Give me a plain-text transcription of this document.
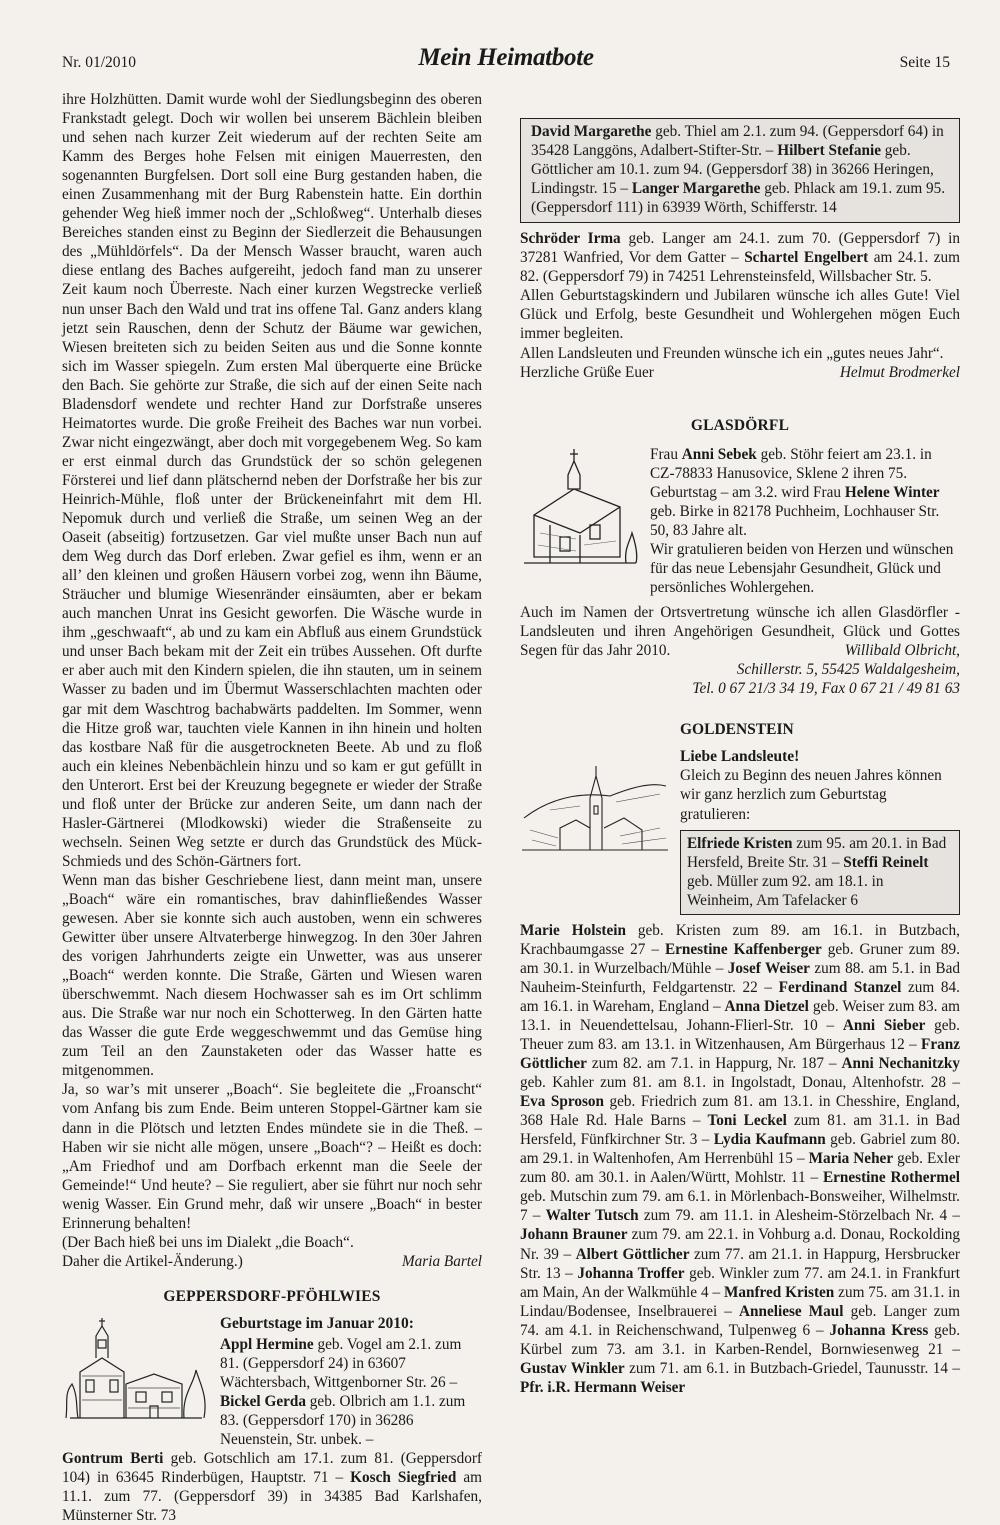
Nr. 01/2010	Mein Heimatbote	Seite 15

ihre Holzhütten. Damit wurde wohl der Siedlungsbeginn des oberen Frankstadt gelegt. Doch wir wollen bei unserem Bächlein bleiben und sehen nach kurzer Zeit wiederum auf der rechten Seite am Kamm des Berges hohe Felsen mit einigen Mauerresten, den sogenannten Burgfelsen. Dort soll eine Burg gestanden haben, die einen Zusammenhang mit der Burg Rabenstein hatte. Ein dorthin gehender Weg hieß immer noch der „Schloßweg“. Unterhalb dieses Bereiches standen einst zu Beginn der Siedlerzeit die Behausungen des „Mühldörfels“. Da der Mensch Wasser braucht, waren auch diese entlang des Baches aufgereiht, jedoch fand man zu unserer Zeit kaum noch Überreste. Nach einer kurzen Wegstrecke verließ nun unser Bach den Wald und trat ins offene Tal. Ganz anders klang jetzt sein Rauschen, denn der Schutz der Bäume war gewichen, Wiesen breiteten sich zu beiden Seiten aus und die Sonne konnte sich im Wasser spiegeln. Zum ersten Mal überquerte eine Brücke den Bach. Sie gehörte zur Straße, die sich auf der einen Seite nach Bladensdorf wendete und rechter Hand zur Dorfstraße unseres Heimatortes wurde. Die große Freiheit des Baches war nun vorbei. Zwar nicht eingezwängt, aber doch mit vorgegebenem Weg. So kam er erst einmal durch das Grundstück der so schön gelegenen Försterei und lief dann plätschernd neben der Dorfstraße her bis zur Heinrich-Mühle, floß unter der Brückeneinfahrt mit dem Hl. Nepomuk durch und verließ die Straße, um seinen Weg an der Oaseit (abseitig) fortzusetzen. Gar viel mußte unser Bach nun auf dem Weg durch das Dorf erleben. Zwar gefiel es ihm, wenn er an all’ den kleinen und großen Häusern vorbei zog, wenn ihn Bäume, Sträucher und blumige Wiesenränder einsäumten, aber er bekam auch manchen Unrat ins Gesicht geworfen. Die Wäsche wurde in ihm „geschwaaft“, ab und zu kam ein Abfluß aus einem Grundstück und unser Bach bekam mit der Zeit ein trübes Aussehen. Oft durfte er aber auch mit den Kindern spielen, die ihn stauten, um in seinem Wasser zu baden und im Übermut Wasserschlachten machten oder gar mit dem Waschtrog bachabwärts paddelten. Im Sommer, wenn die Hitze groß war, tauchten viele Kannen in ihn hinein und holten das kostbare Naß für die ausgetrockneten Beete. Ab und zu floß auch ein kleines Nebenbächlein hinzu und so kam er gut gefüllt in den Unterort. Erst bei der Kreuzung begegnete er wieder der Straße und floß unter der Brücke zur anderen Seite, um dann nach der Hasler-Gärtnerei (Mlodkowski) wieder die Straßenseite zu wechseln. Seinen Weg setzte er durch das Grundstück des Mück-Schmieds und des Schön-Gärtners fort.

Wenn man das bisher Geschriebene liest, dann meint man, unsere „Boach“ wäre ein romantisches, brav dahinfließendes Wasser gewesen. Aber sie konnte sich auch austoben, wenn ein schweres Gewitter über unsere Altvaterberge hinwegzog. In den 30er Jahren des vorigen Jahrhunderts zeigte ein Unwetter, was aus unserer „Boach“ werden konnte. Die Straße, Gärten und Wiesen waren überschwemmt. Nach diesem Hochwasser sah es im Ort schlimm aus. Die Straße war nur noch ein Schotterweg. In den Gärten hatte das Wasser die gute Erde weggeschwemmt und das Gemüse hing zum Teil an den Zaunstaketen oder das Wasser hatte es mitgenommen.

Ja, so war’s mit unserer „Boach“. Sie begleitete die „Froanscht“ vom Anfang bis zum Ende. Beim unteren Stoppel-Gärtner kam sie dann in die Plötsch und letzten Endes mündete sie in die Theß. – Haben wir sie nicht alle mögen, unsere „Boach“? – Heißt es doch: „Am Friedhof und am Dorfbach erkennt man die Seele der Gemeinde!“ Und heute? – Sie reguliert, aber sie führt nur noch sehr wenig Wasser. Ein Grund mehr, daß wir unsere „Boach“ in bester Erinnerung behalten!

(Der Bach hieß bei uns im Dialekt „die Boach“. Daher die Artikel-Änderung.)	Maria Bartel
GEPPERSDORF-PFÖHLWIES
Geburtstage im Januar 2010:

Appl Hermine geb. Vogel am 2.1. zum 81. (Geppersdorf 24) in 63607 Wächtersbach, Wittgenborner Str. 26 – Bickel Gerda geb. Olbrich am 1.1. zum 83. (Geppersdorf 170) in 36286 Neuenstein, Str. unbek. –

Gontrum Berti geb. Gotschlich am 17.1. zum 81. (Geppersdorf 104) in 63645 Rinderbügen, Hauptstr. 71 – Kosch Siegfried am 11.1. zum 77. (Geppersdorf 39) in 34385 Bad Karlshafen, Münsterner Str. 73

David Margarethe geb. Thiel am 2.1. zum 94. (Geppersdorf 64) in 35428 Langgöns, Adalbert-Stifter-Str. – Hilbert Stefanie geb. Göttlicher am 10.1. zum 94. (Geppersdorf 38) in 36266 Heringen, Lindingstr. 15 – Langer Margarethe geb. Phlack am 19.1. zum 95. (Geppersdorf 111) in 63939 Wörth, Schifferstr. 14

Schröder Irma geb. Langer am 24.1. zum 70. (Geppersdorf 7) in 37281 Wanfried, Vor dem Gatter – Schartel Engelbert am 24.1. zum 82. (Geppersdorf 79) in 74251 Lehrensteinsfeld, Willsbacher Str. 5.

Allen Geburtstagskindern und Jubilaren wünsche ich alles Gute! Viel Glück und Erfolg, beste Gesundheit und Wohlergehen mögen Euch immer begleiten.

Allen Landsleuten und Freunden wünsche ich ein „gutes neues Jahr“.

Herzliche Grüße Euer	Helmut Brodmerkel
GLASDÖRFL

Frau Anni Sebek geb. Stöhr feiert am 23.1. in CZ-78833 Hanusovice, Sklene 2 ihren 75. Geburtstag – am 3.2. wird Frau Helene Winter geb. Birke in 82178 Puchheim, Lochhauser Str. 50, 83 Jahre alt.

Wir gratulieren beiden von Herzen und wünschen für das neue Lebensjahr Gesundheit, Glück und persönliches Wohlergehen.

Auch im Namen der Ortsvertretung wünsche ich allen Glasdörfler -Landsleuten und ihren Angehörigen Gesundheit, Glück und Gottes Segen für das Jahr 2010.	Willibald Olbricht,
Schillerstr. 5, 55425 Waldalgesheim,
Tel. 0 67 21/3 34 19, Fax 0 67 21 / 49 81 63
GOLDENSTEIN
Liebe Landsleute!

Gleich zu Beginn des neuen Jahres können wir ganz herzlich zum Geburtstag gratulieren:

Elfriede Kristen zum 95. am 20.1. in Bad Hersfeld, Breite Str. 31 – Steffi Reinelt geb. Müller zum 92. am 18.1. in Weinheim, Am Tafelacker 6

Marie Holstein geb. Kristen zum 89. am 16.1. in Butzbach, Krachbaumgasse 27 – Ernestine Kaffenberger geb. Gruner zum 89. am 30.1. in Wurzelbach/Mühle – Josef Weiser zum 88. am 5.1. in Bad Nauheim-Steinfurth, Feldgartenstr. 22 – Ferdinand Stanzel zum 84. am 16.1. in Wareham, England – Anna Dietzel geb. Weiser zum 83. am 13.1. in Neuendettelsau, Johann-Flierl-Str. 10 – Anni Sieber geb. Theuer zum 83. am 13.1. in Witzenhausen, Am Bürgerhaus 12 – Franz Göttlicher zum 82. am 7.1. in Happurg, Nr. 187 – Anni Nechanitzky geb. Kahler zum 81. am 8.1. in Ingolstadt, Donau, Altenhofstr. 28 – Eva Sproson geb. Friedrich zum 81. am 13.1. in Chesshire, England, 368 Hale Rd. Hale Barns – Toni Leckel zum 81. am 31.1. in Bad Hersfeld, Fünfkirchner Str. 3 – Lydia Kaufmann geb. Gabriel zum 80. am 29.1. in Waltenhofen, Am Herrenbühl 15 – Maria Neher geb. Exler zum 80. am 30.1. in Aalen/Württ, Mohlstr. 11 – Ernestine Rothermel geb. Mutschin zum 79. am 6.1. in Mörlenbach-Bonsweiher, Wilhelmstr. 7 – Walter Tutsch zum 79. am 11.1. in Alesheim-Störzelbach Nr. 4 – Johann Brauner zum 79. am 22.1. in Vohburg a.d. Donau, Rockolding Nr. 39 – Albert Göttlicher zum 77. am 21.1. in Happurg, Hersbrucker Str. 13 – Johanna Troffer geb. Winkler zum 77. am 24.1. in Frankfurt am Main, An der Walkmühle 4 – Manfred Kristen zum 75. am 31.1. in Lindau/Bodensee, Inselbrauerei – Anneliese Maul geb. Langer zum 74. am 4.1. in Reichenschwand, Tulpenweg 6 – Johanna Kress geb. Kürbel zum 73. am 3.1. in Karben-Rendel, Bornwiesenweg 21 – Gustav Winkler zum 71. am 6.1. in Butzbach-Griedel, Taunusstr. 14 – Pfr. i.R. Hermann Weiser
